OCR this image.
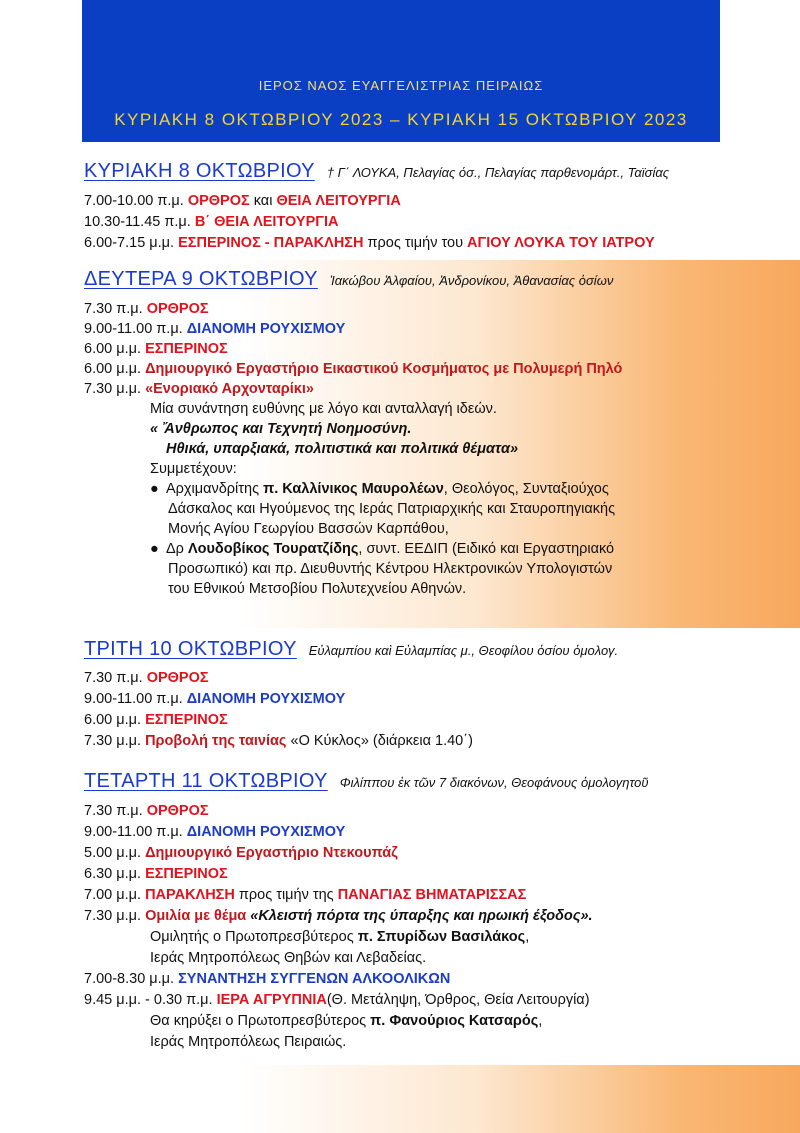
ΙΕΡΟΣ ΝΑΟΣ ΕΥΑΓΓΕΛΙΣΤΡΙΑΣ ΠΕΙΡΑΙΩΣ
ΚΥΡΙΑΚΗ 8 ΟΚΤΩΒΡΙΟΥ 2023 – ΚΥΡΙΑΚΗ 15 ΟΚΤΩΒΡΙΟΥ 2023
ΚΥΡΙΑΚΗ 8 ΟΚΤΩΒΡΙΟΥ † Γ΄ ΛΟΥΚΑ, Πελαγίας όσ., Πελαγίας παρθενομάρτ., Ταϊσίας
7.00-10.00 π.μ. ΟΡΘΡΟΣ και ΘΕΙΑ ΛΕΙΤΟΥΡΓΙΑ
10.30-11.45 π.μ. Β΄ ΘΕΙΑ ΛΕΙΤΟΥΡΓΙΑ
6.00-7.15 μ.μ. ΕΣΠΕΡΙΝΟΣ - ΠΑΡΑΚΛΗΣΗ προς τιμήν του ΑΓΙΟΥ ΛΟΥΚΑ ΤΟΥ ΙΑΤΡΟΥ
ΔΕΥΤΕΡΑ 9 ΟΚΤΩΒΡΙΟΥ Ἰακώβου Ἀλφαίου, Ἀνδρονίκου, Ἀθανασίας ὁσίων
7.30 π.μ. ΟΡΘΡΟΣ
9.00-11.00 π.μ. ΔΙΑΝΟΜΗ ΡΟΥΧΙΣΜΟΥ
6.00 μ.μ. ΕΣΠΕΡΙΝΟΣ
6.00 μ.μ. Δημιουργικό Εργαστήριο Εικαστικού Κοσμήματος με Πολυμερή Πηλό
7.30 μ.μ. «Ενοριακό Αρχονταρίκι»
Μία συνάντηση ευθύνης με λόγο και ανταλλαγή ιδεών.
« Ἄνθρωπος και Τεχνητή Νοημοσύνη.
Ηθικά, υπαρξιακά, πολιτιστικά και πολιτικά θέματα»
Συμμετέχουν:
● Αρχιμανδρίτης π. Καλλίνικος Μαυρολέων, Θεολόγος, Συνταξιούχος
Δάσκαλος και Ηγούμενος της Ιεράς Πατριαρχικής και Σταυροπηγιακής
Μονής Αγίου Γεωργίου Βασσών Καρπάθου,
● Δρ Λουδοβίκος Τουρατζίδης, συντ. ΕΕΔΙΠ (Ειδικό και Εργαστηριακό
Προσωπικό) και πρ. Διευθυντής Κέντρου Ηλεκτρονικών Υπολογιστών
του Εθνικού Μετσοβίου Πολυτεχνείου Αθηνών.
ΤΡΙΤΗ 10 ΟΚΤΩΒΡΙΟΥ Εὐλαμπίου καὶ Εὐλαμπίας μ., Θεοφίλου ὁσίου ὁμολογ.
7.30 π.μ. ΟΡΘΡΟΣ
9.00-11.00 π.μ. ΔΙΑΝΟΜΗ ΡΟΥΧΙΣΜΟΥ
6.00 μ.μ. ΕΣΠΕΡΙΝΟΣ
7.30 μ.μ. Προβολή της ταινίας «Ο Κύκλος» (διάρκεια 1.40΄)
ΤΕΤΑΡΤΗ 11 ΟΚΤΩΒΡΙΟΥ Φιλίππου ἐκ τῶν 7 διακόνων, Θεοφάνους ὁμολογητοῦ
7.30 π.μ. ΟΡΘΡΟΣ
9.00-11.00 π.μ. ΔΙΑΝΟΜΗ ΡΟΥΧΙΣΜΟΥ
5.00 μ.μ. Δημιουργικό Εργαστήριο Ντεκουπάζ
6.30 μ.μ. ΕΣΠΕΡΙΝΟΣ
7.00 μ.μ. ΠΑΡΑΚΛΗΣΗ προς τιμήν της ΠΑΝΑΓΙΑΣ ΒΗΜΑΤΑΡΙΣΣΑΣ
7.30 μ.μ. Ομιλία με θέμα «Κλειστή πόρτα της ύπαρξης και ηρωική έξοδος».
Ομιλητής ο Πρωτοπρεσβύτερος π. Σπυρίδων Βασιλάκος,
Ιεράς Μητροπόλεως Θηβών και Λεβαδείας.
7.00-8.30 μ.μ. ΣΥΝΑΝΤΗΣΗ ΣΥΓΓΕΝΩΝ ΑΛΚΟΟΛΙΚΩΝ
9.45 μ.μ. - 0.30 π.μ. ΙΕΡΑ ΑΓΡΥΠΝΙΑ(Θ. Μετάληψη, Όρθρος, Θεία Λειτουργία)
Θα κηρύξει ο Πρωτοπρεσβύτερος π. Φανούριος Κατσαρός,
Ιεράς Μητροπόλεως Πειραιώς.
